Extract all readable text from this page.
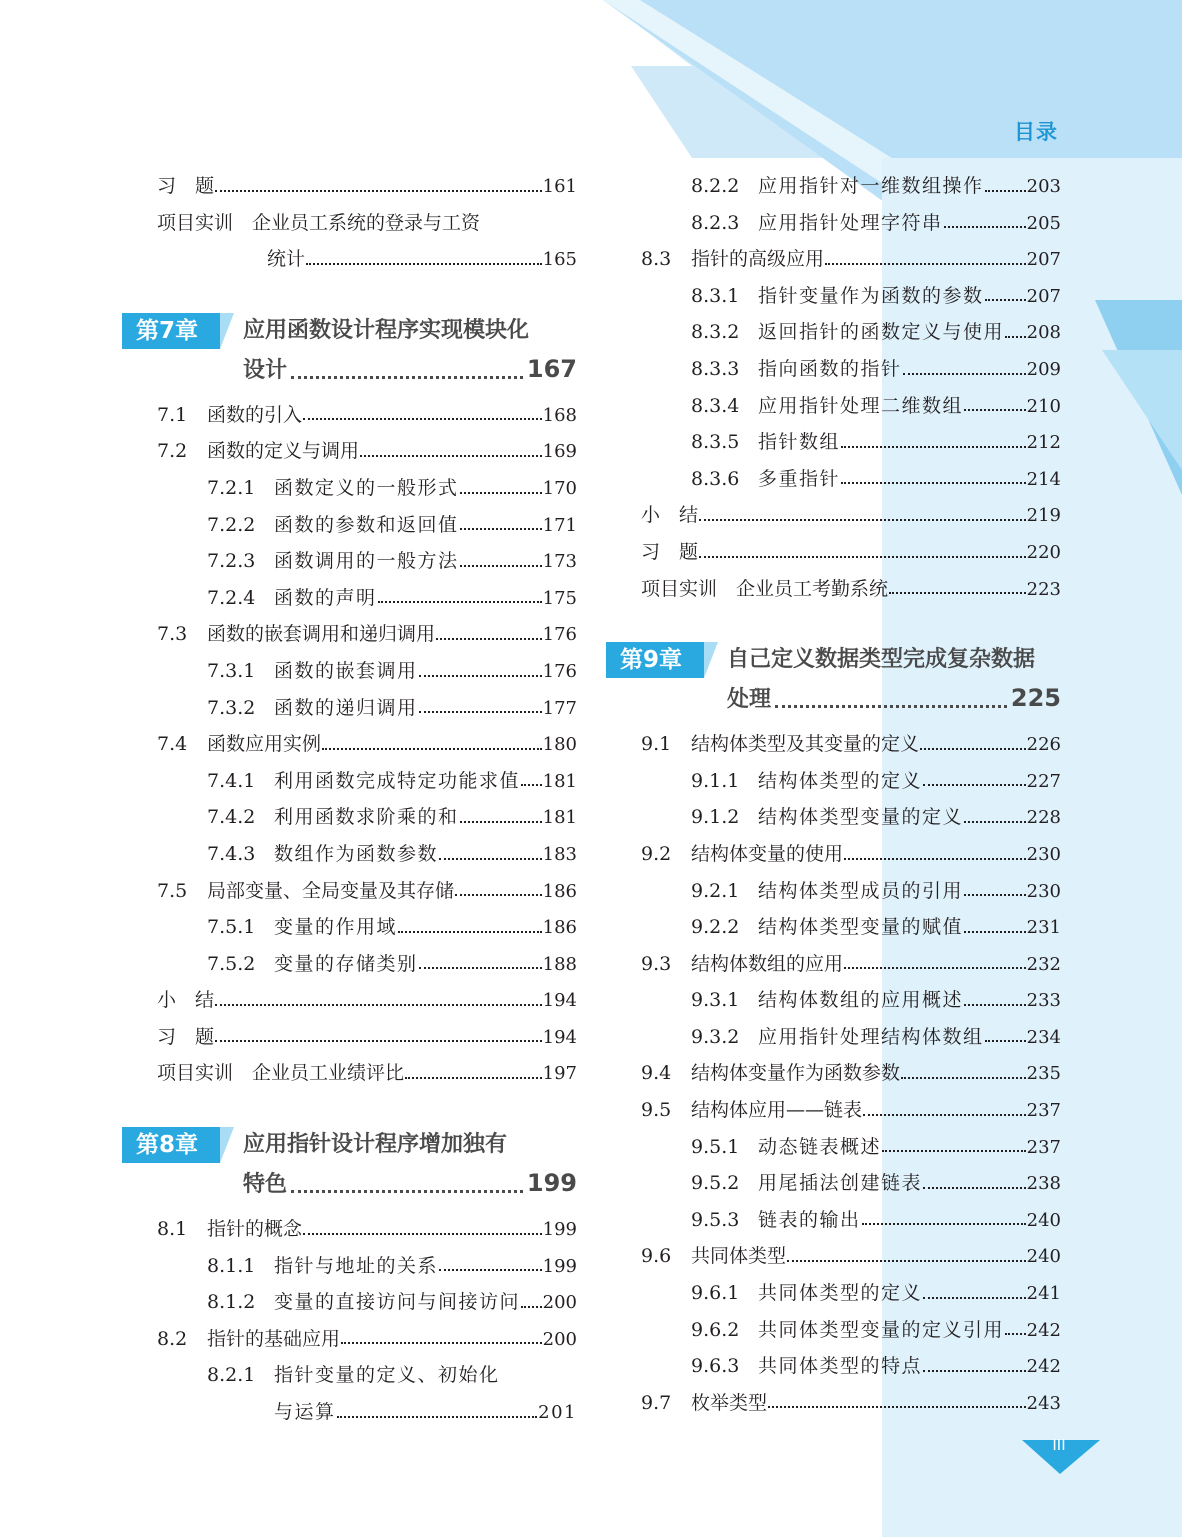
目录
习　题	161
项目实训　企业员工系统的登录与工资
统计	165
第7章	应用函数设计程序实现模块化
设计	167
7.1	函数的引入	168
7.2	函数的定义与调用	169
7.2.1 函数定义的一般形式	170
7.2.2 函数的参数和返回值	171
7.2.3 函数调用的一般方法	173
7.2.4 函数的声明	175
7.3	函数的嵌套调用和递归调用	176
7.3.1 函数的嵌套调用	176
7.3.2 函数的递归调用	177
7.4	函数应用实例	180
7.4.1 利用函数完成特定功能求值 181
7.4.2 利用函数求阶乘的和	181
7.4.3 数组作为函数参数	183
7.5	局部变量、全局变量及其存储	186
7.5.1 变量的作用域	186
7.5.2 变量的存储类别	188
小　结	194
习　题	194
项目实训　企业员工业绩评比	197
第8章	应用指针设计程序增加独有
特色	199
8.1	指针的概念	199
8.1.1 指针与地址的关系	199
8.1.2 变量的直接访问与间接访问 200
8.2	指针的基础应用	200
8.2.1 指针变量的定义、初始化
与运算	201
8.2.2 应用指针对一维数组操作 203
8.2.3 应用指针处理字符串	205
8.3	指针的高级应用	207
8.3.1 指针变量作为函数的参数 207
8.3.2 返回指针的函数定义与使用 208
8.3.3 指向函数的指针	209
8.3.4 应用指针处理二维数组	210
8.3.5 指针数组	212
8.3.6 多重指针	214
小　结	219
习　题	220
项目实训　企业员工考勤系统	223
第9章	自己定义数据类型完成复杂数据
处理	225
9.1	结构体类型及其变量的定义	226
9.1.1 结构体类型的定义	227
9.1.2 结构体类型变量的定义	228
9.2	结构体变量的使用	230
9.2.1 结构体类型成员的引用	230
9.2.2 结构体类型变量的赋值	231
9.3	结构体数组的应用	232
9.3.1 结构体数组的应用概述	233
9.3.2 应用指针处理结构体数组 234
9.4	结构体变量作为函数参数	235
9.5	结构体应用——链表	237
9.5.1 动态链表概述	237
9.5.2 用尾插法创建链表	238
9.5.3 链表的输出	240
9.6	共同体类型	240
9.6.1 共同体类型的定义	241
9.6.2 共同体类型变量的定义引用 242
9.6.3 共同体类型的特点	242
9.7	枚举类型	243
III
